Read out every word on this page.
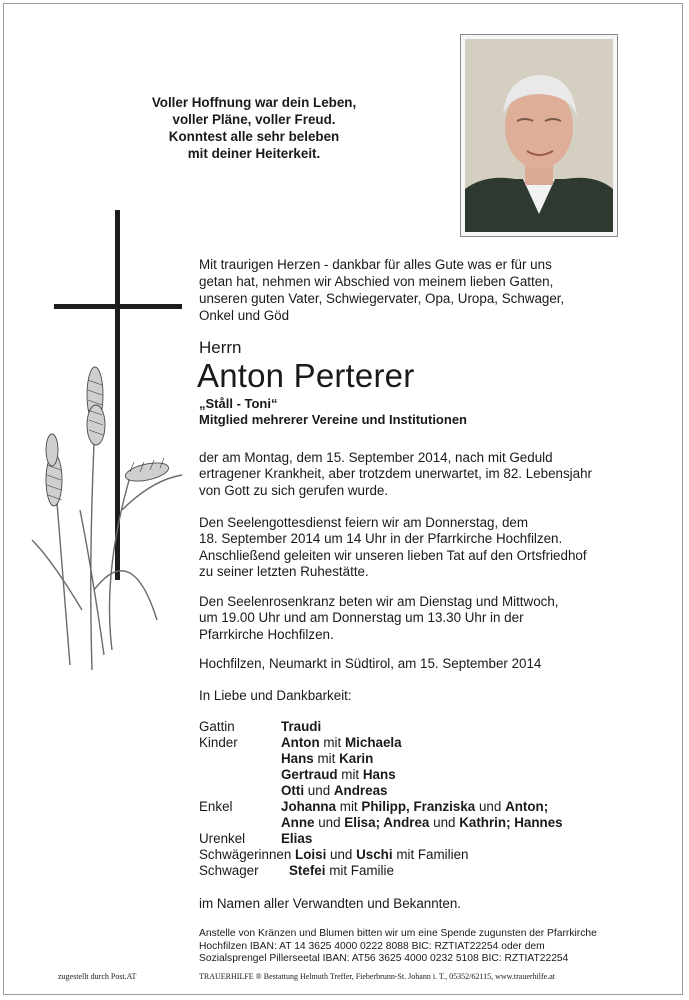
Voller Hoffnung war dein Leben,
voller Pläne, voller Freud.
Konntest alle sehr beleben
mit deiner Heiterkeit.
Mit traurigen Herzen - dankbar für alles Gute was er für uns
getan hat, nehmen wir Abschied von meinem lieben Gatten,
unseren guten Vater, Schwiegervater, Opa, Uropa, Schwager,
Onkel und Göd
Herrn
Anton Perterer
„Ståll - Toni“
Mitglied mehrerer Vereine und Institutionen
der am Montag, dem 15. September 2014, nach mit Geduld
ertragener Krankheit, aber trotzdem unerwartet, im 82. Lebensjahr
von Gott zu sich gerufen wurde.
Den Seelengottesdienst feiern wir am Donnerstag, dem
18. September 2014 um 14 Uhr in der Pfarrkirche Hochfilzen.
Anschließend geleiten wir unseren lieben Tat auf den Ortsfriedhof
zu seiner letzten Ruhestätte.
Den Seelenrosenkranz beten wir am Dienstag und Mittwoch,
um 19.00 Uhr und am Donnerstag um 13.30 Uhr in der
Pfarrkirche Hochfilzen.
Hochfilzen, Neumarkt in Südtirol, am 15. September 2014
In Liebe und Dankbarkeit:
Gattin	Traudi
Kinder	Anton mit Michaela
Hans mit Karin
Gertraud mit Hans
Otti und Andreas
Enkel	Johanna mit Philipp, Franziska und Anton;
Anne und Elisa; Andrea und Kathrin; Hannes
Urenkel	Elias
Schwägerinnen Loisi und Uschi mit Familien
Schwager Stefei mit Familie
im Namen aller Verwandten und Bekannten.
Anstelle von Kränzen und Blumen bitten wir um eine Spende zugunsten der Pfarrkirche
Hochfilzen IBAN: AT 14 3625 4000 0222 8088 BIC: RZTIAT22254 oder dem
Sozialsprengel Pillerseetal IBAN: AT56 3625 4000 0232 5108 BIC: RZTIAT22254
zugestellt durch Post.AT	TRAUERHILFE ® Bestattung Helmuth Treffer, Fieberbrunn-St. Johann i. T., 05352/62115, www.trauerhilfe.at
